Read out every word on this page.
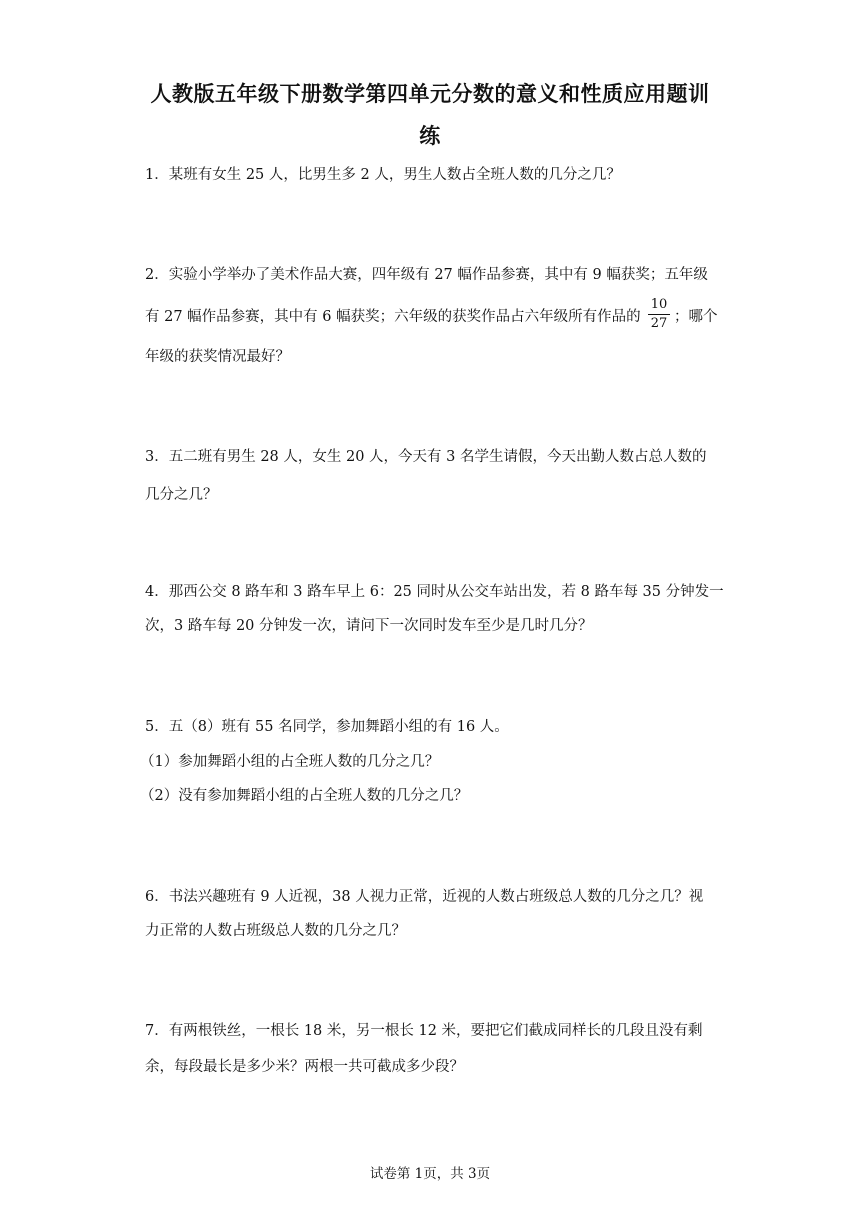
人教版五年级下册数学第四单元分数的意义和性质应用题训
练
1．某班有女生 25 人，比男生多 2 人，男生人数占全班人数的几分之几？
2．实验小学举办了美术作品大赛，四年级有 27 幅作品参赛，其中有 9 幅获奖；五年级
有 27 幅作品参赛，其中有 6 幅获奖；六年级的获奖作品占六年级所有作品的 $\frac{10}{27}$ ；哪个
年级的获奖情况最好？
3．五二班有男生 28 人，女生 20 人，今天有 3 名学生请假，今天出勤人数占总人数的
几分之几？
4．那西公交 8 路车和 3 路车早上 6：25 同时从公交车站出发，若 8 路车每 35 分钟发一
次，3 路车每 20 分钟发一次，请问下一次同时发车至少是几时几分？
5．五（8）班有 55 名同学，参加舞蹈小组的有 16 人。
（1）参加舞蹈小组的占全班人数的几分之几？
（2）没有参加舞蹈小组的占全班人数的几分之几？
6．书法兴趣班有 9 人近视，38 人视力正常，近视的人数占班级总人数的几分之几？视
力正常的人数占班级总人数的几分之几？
7．有两根铁丝，一根长 18 米，另一根长 12 米，要把它们截成同样长的几段且没有剩
余，每段最长是多少米？两根一共可截成多少段？
试卷第 1页，共 3页
